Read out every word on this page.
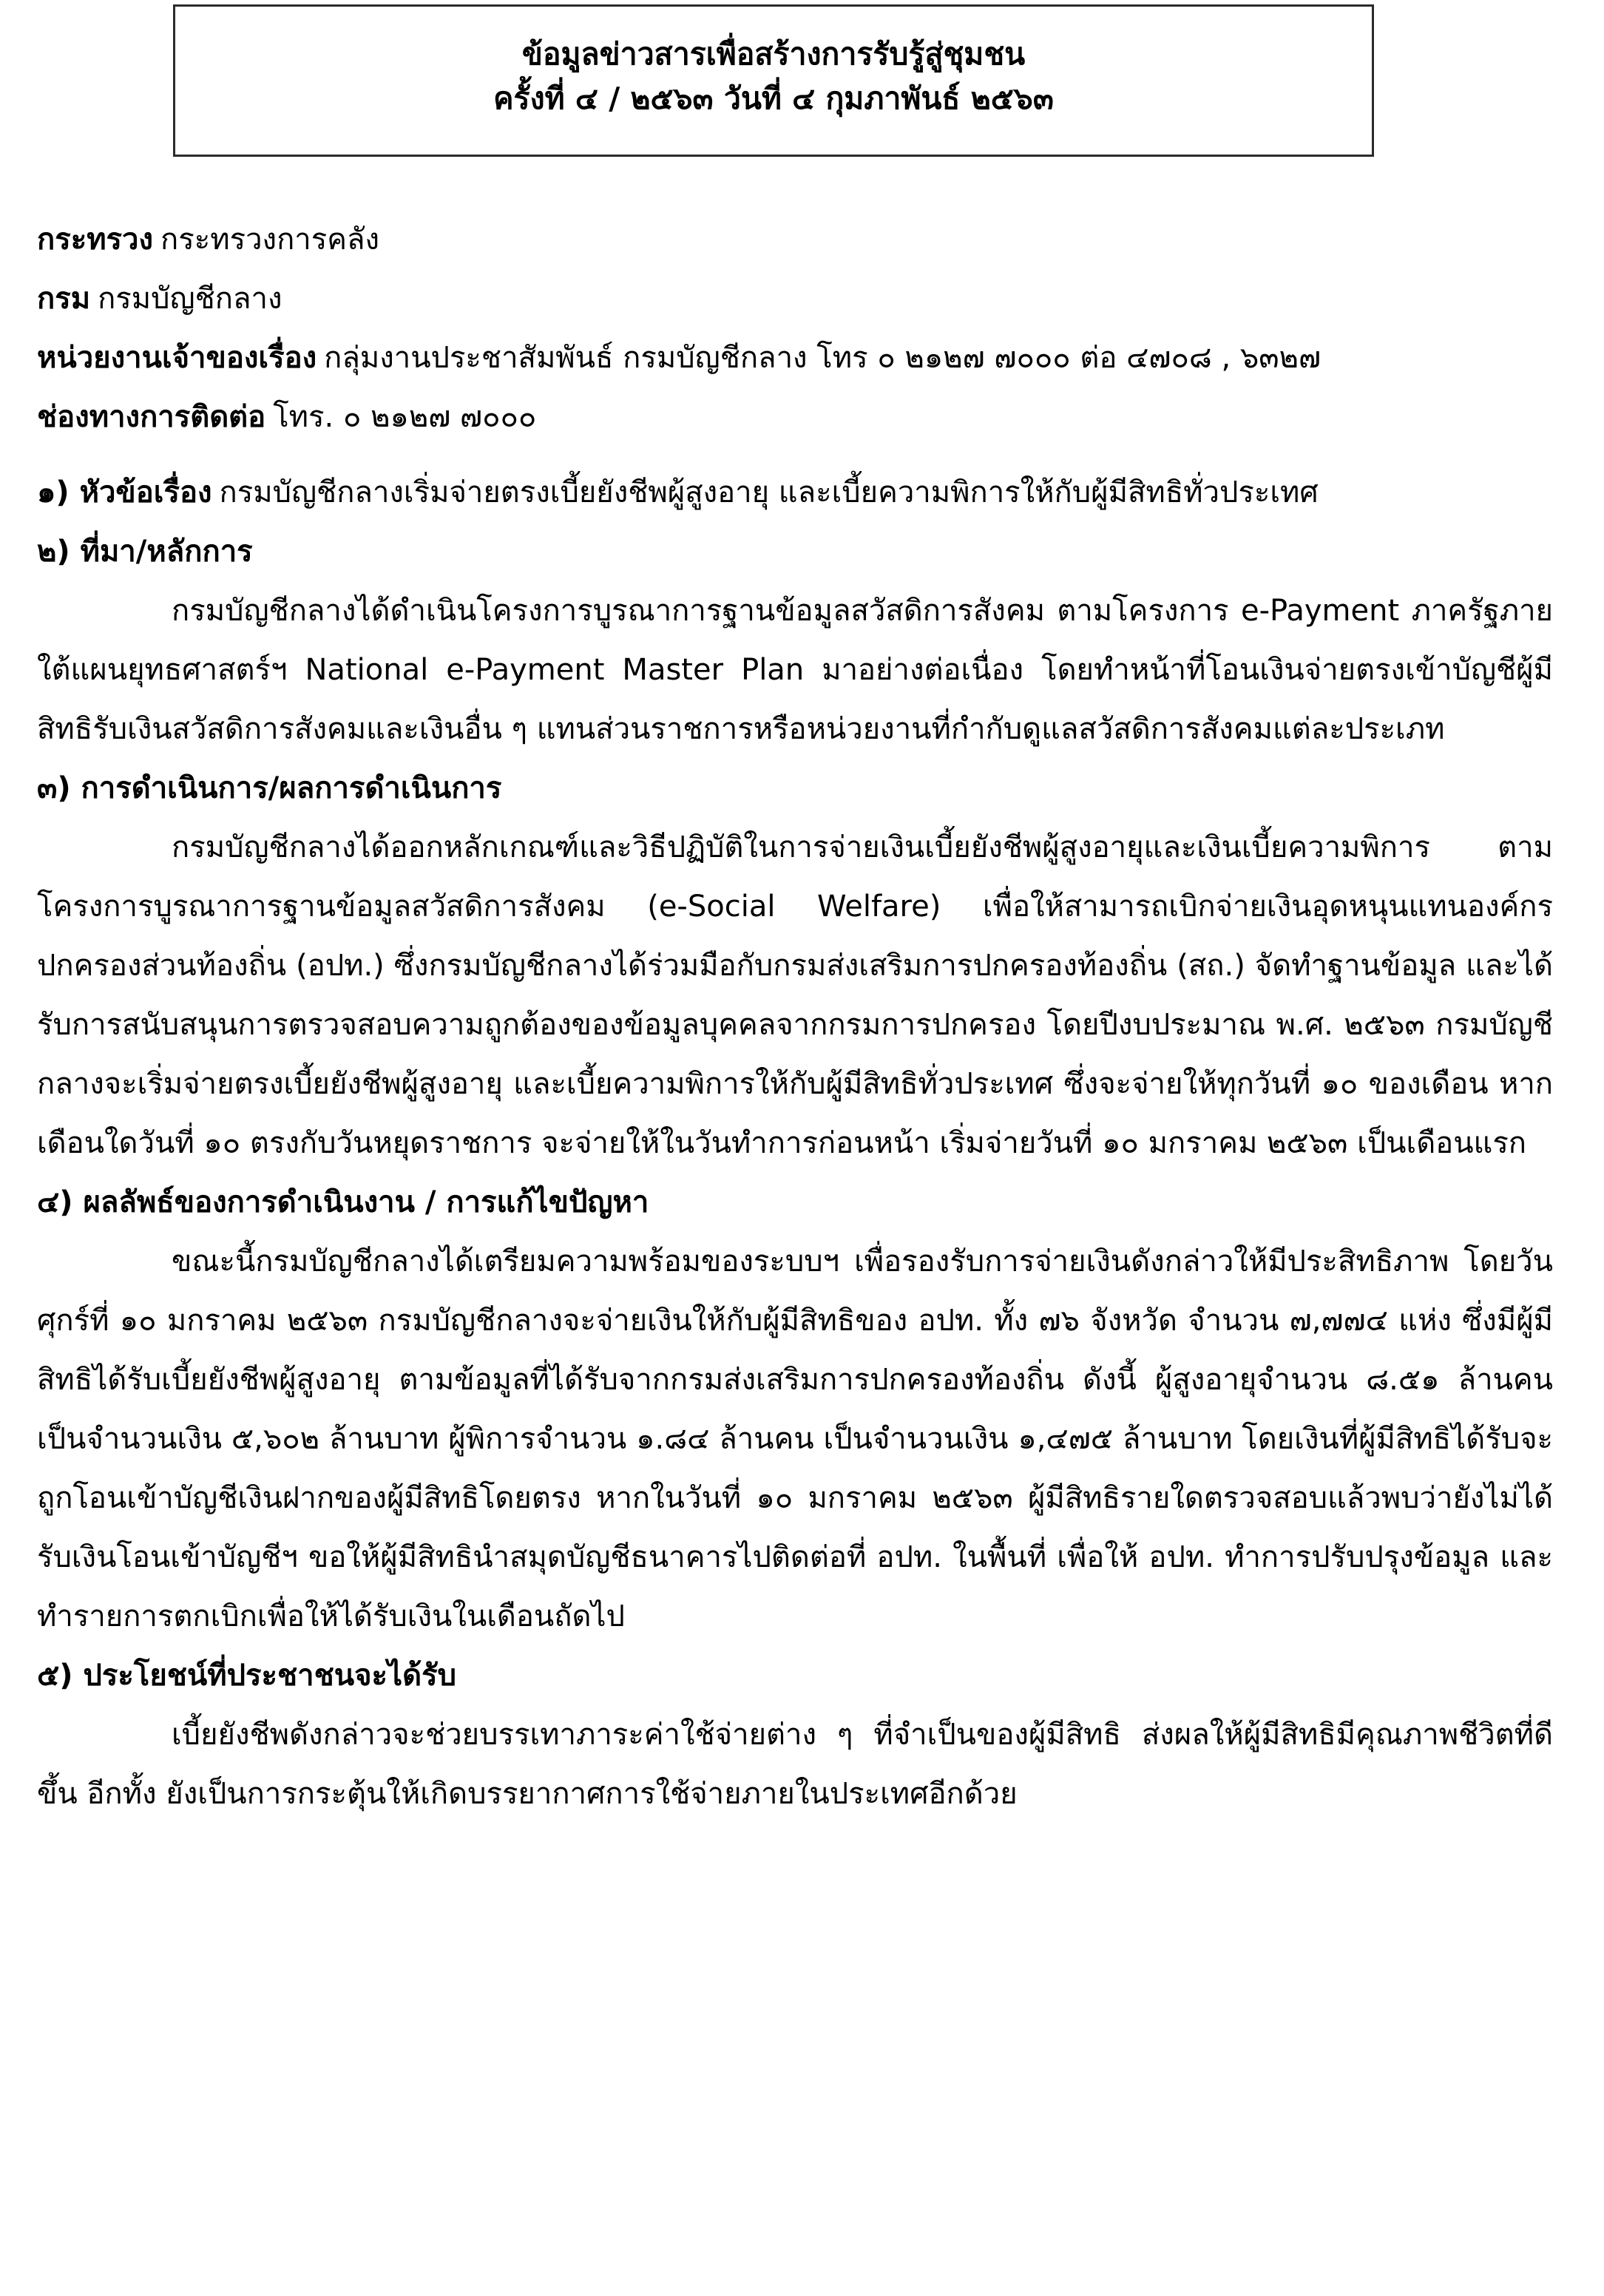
ข้อมูลข่าวสารเพื่อสร้างการรับรู้สู่ชุมชน
ครั้งที่ ๔ / ๒๕๖๓ วันที่ ๔ กุมภาพันธ์ ๒๕๖๓
กระทรวง กระทรวงการคลัง
กรม กรมบัญชีกลาง
หน่วยงานเจ้าของเรื่อง กลุ่มงานประชาสัมพันธ์ กรมบัญชีกลาง โทร ๐ ๒๑๒๗ ๗๐๐๐ ต่อ ๔๗๐๘ , ๖๓๒๗
ช่องทางการติดต่อ โทร. ๐ ๒๑๒๗ ๗๐๐๐
๑) หัวข้อเรื่อง กรมบัญชีกลางเริ่มจ่ายตรงเบี้ยยังชีพผู้สูงอายุ และเบี้ยความพิการให้กับผู้มีสิทธิทั่วประเทศ
๒) ที่มา/หลักการ

กรมบัญชีกลางได้ดำเนินโครงการบูรณาการฐานข้อมูลสวัสดิการสังคม ตามโครงการ e-Payment ภาครัฐภายใต้แผนยุทธศาสตร์ฯ National e-Payment Master Plan มาอย่างต่อเนื่อง โดยทำหน้าที่โอนเงินจ่ายตรงเข้าบัญชีผู้มีสิทธิรับเงินสวัสดิการสังคมและเงินอื่น ๆ แทนส่วนราชการหรือหน่วยงานที่กำกับดูแลสวัสดิการสังคมแต่ละประเภท

๓) การดำเนินการ/ผลการดำเนินการ

กรมบัญชีกลางได้ออกหลักเกณฑ์และวิธีปฏิบัติในการจ่ายเงินเบี้ยยังชีพผู้สูงอายุและเงินเบี้ยความพิการ ตามโครงการบูรณาการฐานข้อมูลสวัสดิการสังคม (e-Social Welfare) เพื่อให้สามารถเบิกจ่ายเงินอุดหนุนแทนองค์กรปกครองส่วนท้องถิ่น (อปท.) ซึ่งกรมบัญชีกลางได้ร่วมมือกับกรมส่งเสริมการปกครองท้องถิ่น (สถ.) จัดทำฐานข้อมูล และได้รับการสนับสนุนการตรวจสอบความถูกต้องของข้อมูลบุคคลจากกรมการปกครอง โดยปีงบประมาณ พ.ศ. ๒๕๖๓ กรมบัญชีกลางจะเริ่มจ่ายตรงเบี้ยยังชีพผู้สูงอายุ และเบี้ยความพิการให้กับผู้มีสิทธิทั่วประเทศ ซึ่งจะจ่ายให้ทุกวันที่ ๑๐ ของเดือน หากเดือนใดวันที่ ๑๐ ตรงกับวันหยุดราชการ จะจ่ายให้ในวันทำการก่อนหน้า เริ่มจ่ายวันที่ ๑๐ มกราคม ๒๕๖๓ เป็นเดือนแรก

๔) ผลลัพธ์ของการดำเนินงาน / การแก้ไขปัญหา

ขณะนี้กรมบัญชีกลางได้เตรียมความพร้อมของระบบฯ เพื่อรองรับการจ่ายเงินดังกล่าวให้มีประสิทธิภาพ โดยวันศุกร์ที่ ๑๐ มกราคม ๒๕๖๓ กรมบัญชีกลางจะจ่ายเงินให้กับผู้มีสิทธิของ อปท. ทั้ง ๗๖ จังหวัด จำนวน ๗,๗๗๔ แห่ง ซึ่งมีผู้มีสิทธิได้รับเบี้ยยังชีพผู้สูงอายุ ตามข้อมูลที่ได้รับจากกรมส่งเสริมการปกครองท้องถิ่น ดังนี้ ผู้สูงอายุจำนวน ๘.๕๑ ล้านคน เป็นจำนวนเงิน ๕,๖๐๒ ล้านบาท ผู้พิการจำนวน ๑.๘๔ ล้านคน เป็นจำนวนเงิน ๑,๔๗๕ ล้านบาท โดยเงินที่ผู้มีสิทธิได้รับจะถูกโอนเข้าบัญชีเงินฝากของผู้มีสิทธิโดยตรง หากในวันที่ ๑๐ มกราคม ๒๕๖๓ ผู้มีสิทธิรายใดตรวจสอบแล้วพบว่ายังไม่ได้รับเงินโอนเข้าบัญชีฯ ขอให้ผู้มีสิทธินำสมุดบัญชีธนาคารไปติดต่อที่ อปท. ในพื้นที่ เพื่อให้ อปท. ทำการปรับปรุงข้อมูล และทำรายการตกเบิกเพื่อให้ได้รับเงินในเดือนถัดไป

๕) ประโยชน์ที่ประชาชนจะได้รับ

เบี้ยยังชีพดังกล่าวจะช่วยบรรเทาภาระค่าใช้จ่ายต่าง ๆ ที่จำเป็นของผู้มีสิทธิ ส่งผลให้ผู้มีสิทธิมีคุณภาพชีวิตที่ดีขึ้น อีกทั้ง ยังเป็นการกระตุ้นให้เกิดบรรยากาศการใช้จ่ายภายในประเทศอีกด้วย
